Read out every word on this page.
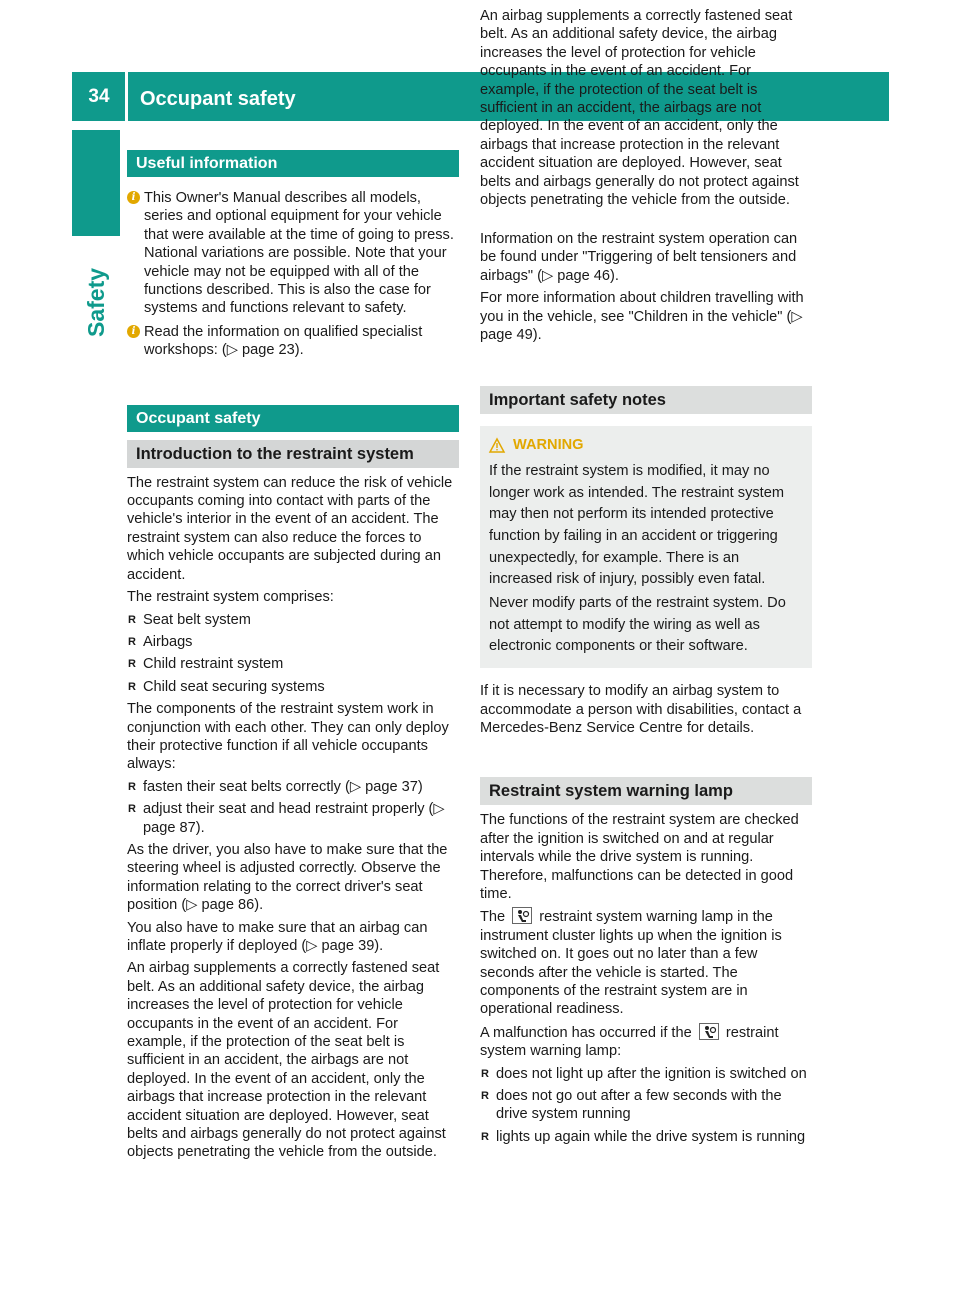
34	Occupant safety
Safety
Useful information
i This Owner's Manual describes all models, series and optional equipment for your vehicle that were available at the time of going to press. National variations are possible. Note that your vehicle may not be equipped with all of the functions described. This is also the case for systems and functions relevant to safety.
i Read the information on qualified specialist workshops: (▷ page 23).
Occupant safety
Introduction to the restraint system

The restraint system can reduce the risk of vehicle occupants coming into contact with parts of the vehicle's interior in the event of an accident. The restraint system can also reduce the forces to which vehicle occupants are subjected during an accident.

The restraint system comprises:

R Seat belt system
R Airbags
R Child restraint system
R Child seat securing systems

The components of the restraint system work in conjunction with each other. They can only deploy their protective function if all vehicle occupants always:

R fasten their seat belts correctly (▷ page 37)
R adjust their seat and head restraint properly (▷ page 87).

As the driver, you also have to make sure that the steering wheel is adjusted correctly. Observe the information relating to the correct driver's seat position (▷ page 86).

You also have to make sure that an airbag can inflate properly if deployed (▷ page 39).

An airbag supplements a correctly fastened seat belt. As an additional safety device, the airbag increases the level of protection for vehicle occupants in the event of an accident. For example, if the protection of the seat belt is sufficient in an accident, the airbags are not deployed. In the event of an accident, only the airbags that increase protection in the relevant accident situation are deployed. However, seat belts and airbags generally do not protect against objects penetrating the vehicle from the outside.

An airbag supplements a correctly fastened seat belt. As an additional safety device, the airbag increases the level of protection for vehicle occupants in the event of an accident. For example, if the protection of the seat belt is sufficient in an accident, the airbags are not deployed. In the event of an accident, only the airbags that increase protection in the relevant accident situation are deployed. However, seat belts and airbags generally do not protect against objects penetrating the vehicle from the outside.

Information on the restraint system operation can be found under "Triggering of belt tensioners and airbags" (▷ page 46).

For more information about children travelling with you in the vehicle, see "Children in the vehicle" (▷ page 49).

Important safety notes
WARNING

If the restraint system is modified, it may no longer work as intended. The restraint system may then not perform its intended protective function by failing in an accident or triggering unexpectedly, for example. There is an increased risk of injury, possibly even fatal.

Never modify parts of the restraint system. Do not attempt to modify the wiring as well as electronic components or their software.

If it is necessary to modify an airbag system to accommodate a person with disabilities, contact a Mercedes-Benz Service Centre for details.

Restraint system warning lamp

The functions of the restraint system are checked after the ignition is switched on and at regular intervals while the drive system is running. Therefore, malfunctions can be detected in good time.

The restraint system warning lamp in the instrument cluster lights up when the ignition is switched on. It goes out no later than a few seconds after the vehicle is started. The components of the restraint system are in operational readiness.

A malfunction has occurred if the restraint system warning lamp:

R does not light up after the ignition is switched on
R does not go out after a few seconds with the drive system running
R lights up again while the drive system is running
